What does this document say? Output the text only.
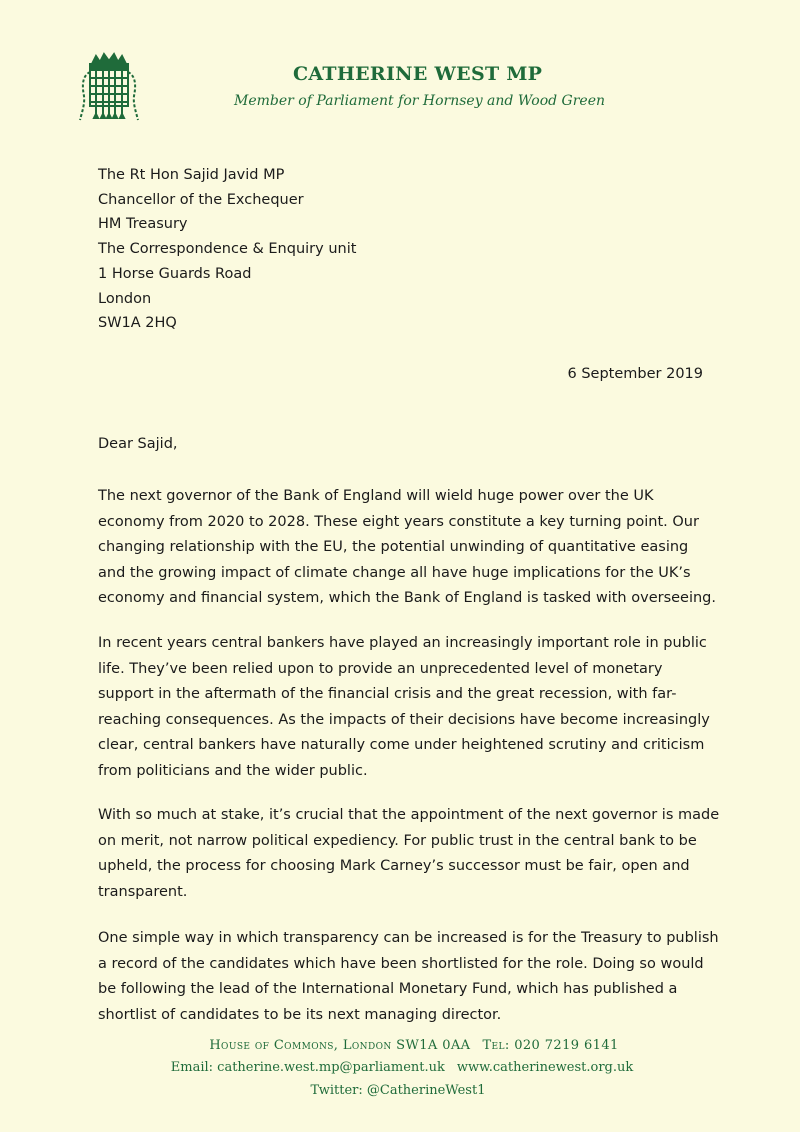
CATHERINE WEST MP
Member of Parliament for Hornsey and Wood Green
The Rt Hon Sajid Javid MP
Chancellor of the Exchequer
HM Treasury
The Correspondence & Enquiry unit
1 Horse Guards Road
London
SW1A 2HQ
6 September 2019
Dear Sajid,

The next governor of the Bank of England will wield huge power over the UK
economy from 2020 to 2028. These eight years constitute a key turning point. Our
changing relationship with the EU, the potential unwinding of quantitative easing
and the growing impact of climate change all have huge implications for the UK’s
economy and financial system, which the Bank of England is tasked with overseeing.

In recent years central bankers have played an increasingly important role in public
life. They’ve been relied upon to provide an unprecedented level of monetary
support in the aftermath of the financial crisis and the great recession, with far-
reaching consequences. As the impacts of their decisions have become increasingly
clear, central bankers have naturally come under heightened scrutiny and criticism
from politicians and the wider public.

With so much at stake, it’s crucial that the appointment of the next governor is made
on merit, not narrow political expediency. For public trust in the central bank to be
upheld, the process for choosing Mark Carney’s successor must be fair, open and
transparent.

One simple way in which transparency can be increased is for the Treasury to publish
a record of the candidates which have been shortlisted for the role. Doing so would
be following the lead of the International Monetary Fund, which has published a
shortlist of candidates to be its next managing director.

House of Commons, London SW1A 0AA Tel: 020 7219 6141
Email: catherine.west.mp@parliament.uk www.catherinewest.org.uk
Twitter: @CatherineWest1
